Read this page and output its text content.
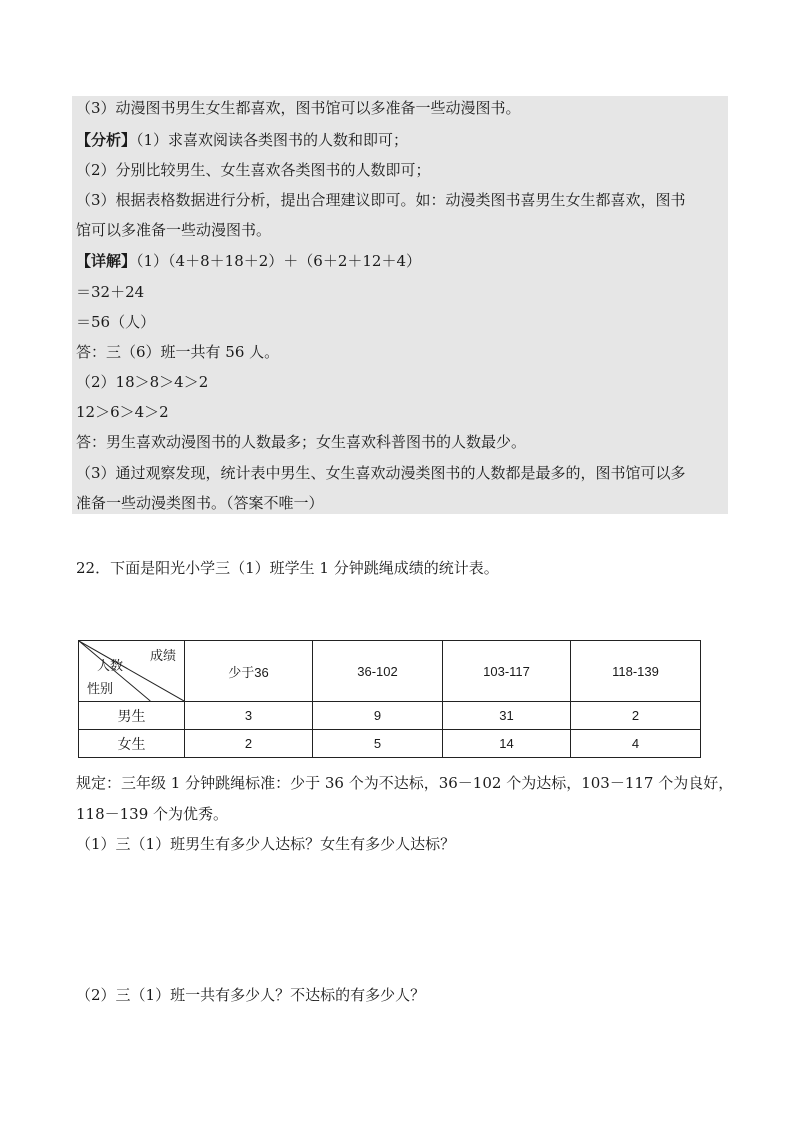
（3）动漫图书男生女生都喜欢，图书馆可以多准备一些动漫图书。
【分析】（1）求喜欢阅读各类图书的人数和即可；
（2）分别比较男生、女生喜欢各类图书的人数即可；
（3）根据表格数据进行分析，提出合理建议即可。如：动漫类图书喜男生女生都喜欢，图书
馆可以多准备一些动漫图书。
【详解】（1）（4＋8＋18＋2）＋（6＋2＋12＋4）
＝32＋24
＝56（人）
答：三（6）班一共有 56 人。
（2）18＞8＞4＞2
12＞6＞4＞2
答：男生喜欢动漫图书的人数最多；女生喜欢科普图书的人数最少。
（3）通过观察发现，统计表中男生、女生喜欢动漫类图书的人数都是最多的，图书馆可以多
准备一些动漫类图书。（答案不唯一）
22．下面是阳光小学三（1）班学生 1 分钟跳绳成绩的统计表。
成绩
人数
性别	少于36	36-102	103-117	118-139
男生	3	9	31	2
女生	2	5	14	4
规定：三年级 1 分钟跳绳标准：少于 36 个为不达标，36－102 个为达标，103－117 个为良好，
118－139 个为优秀。
（1）三（1）班男生有多少人达标？女生有多少人达标？
（2）三（1）班一共有多少人？不达标的有多少人？
